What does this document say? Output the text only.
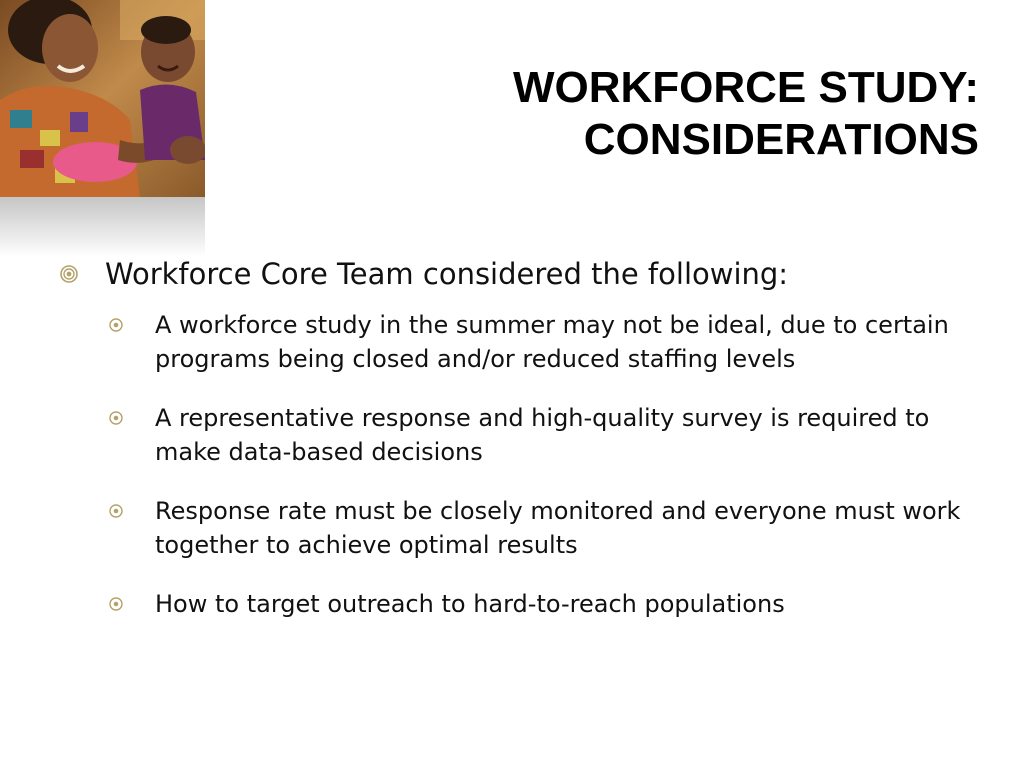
WORKFORCE STUDY:
CONSIDERATIONS
Workforce Core Team considered the following:
A workforce study in the summer may not be ideal, due to certain programs being closed and/or reduced staffing levels
A representative response and high-quality survey is required to make data-based decisions
Response rate must be closely monitored and everyone must work together to achieve optimal results
How to target outreach to hard-to-reach populations
